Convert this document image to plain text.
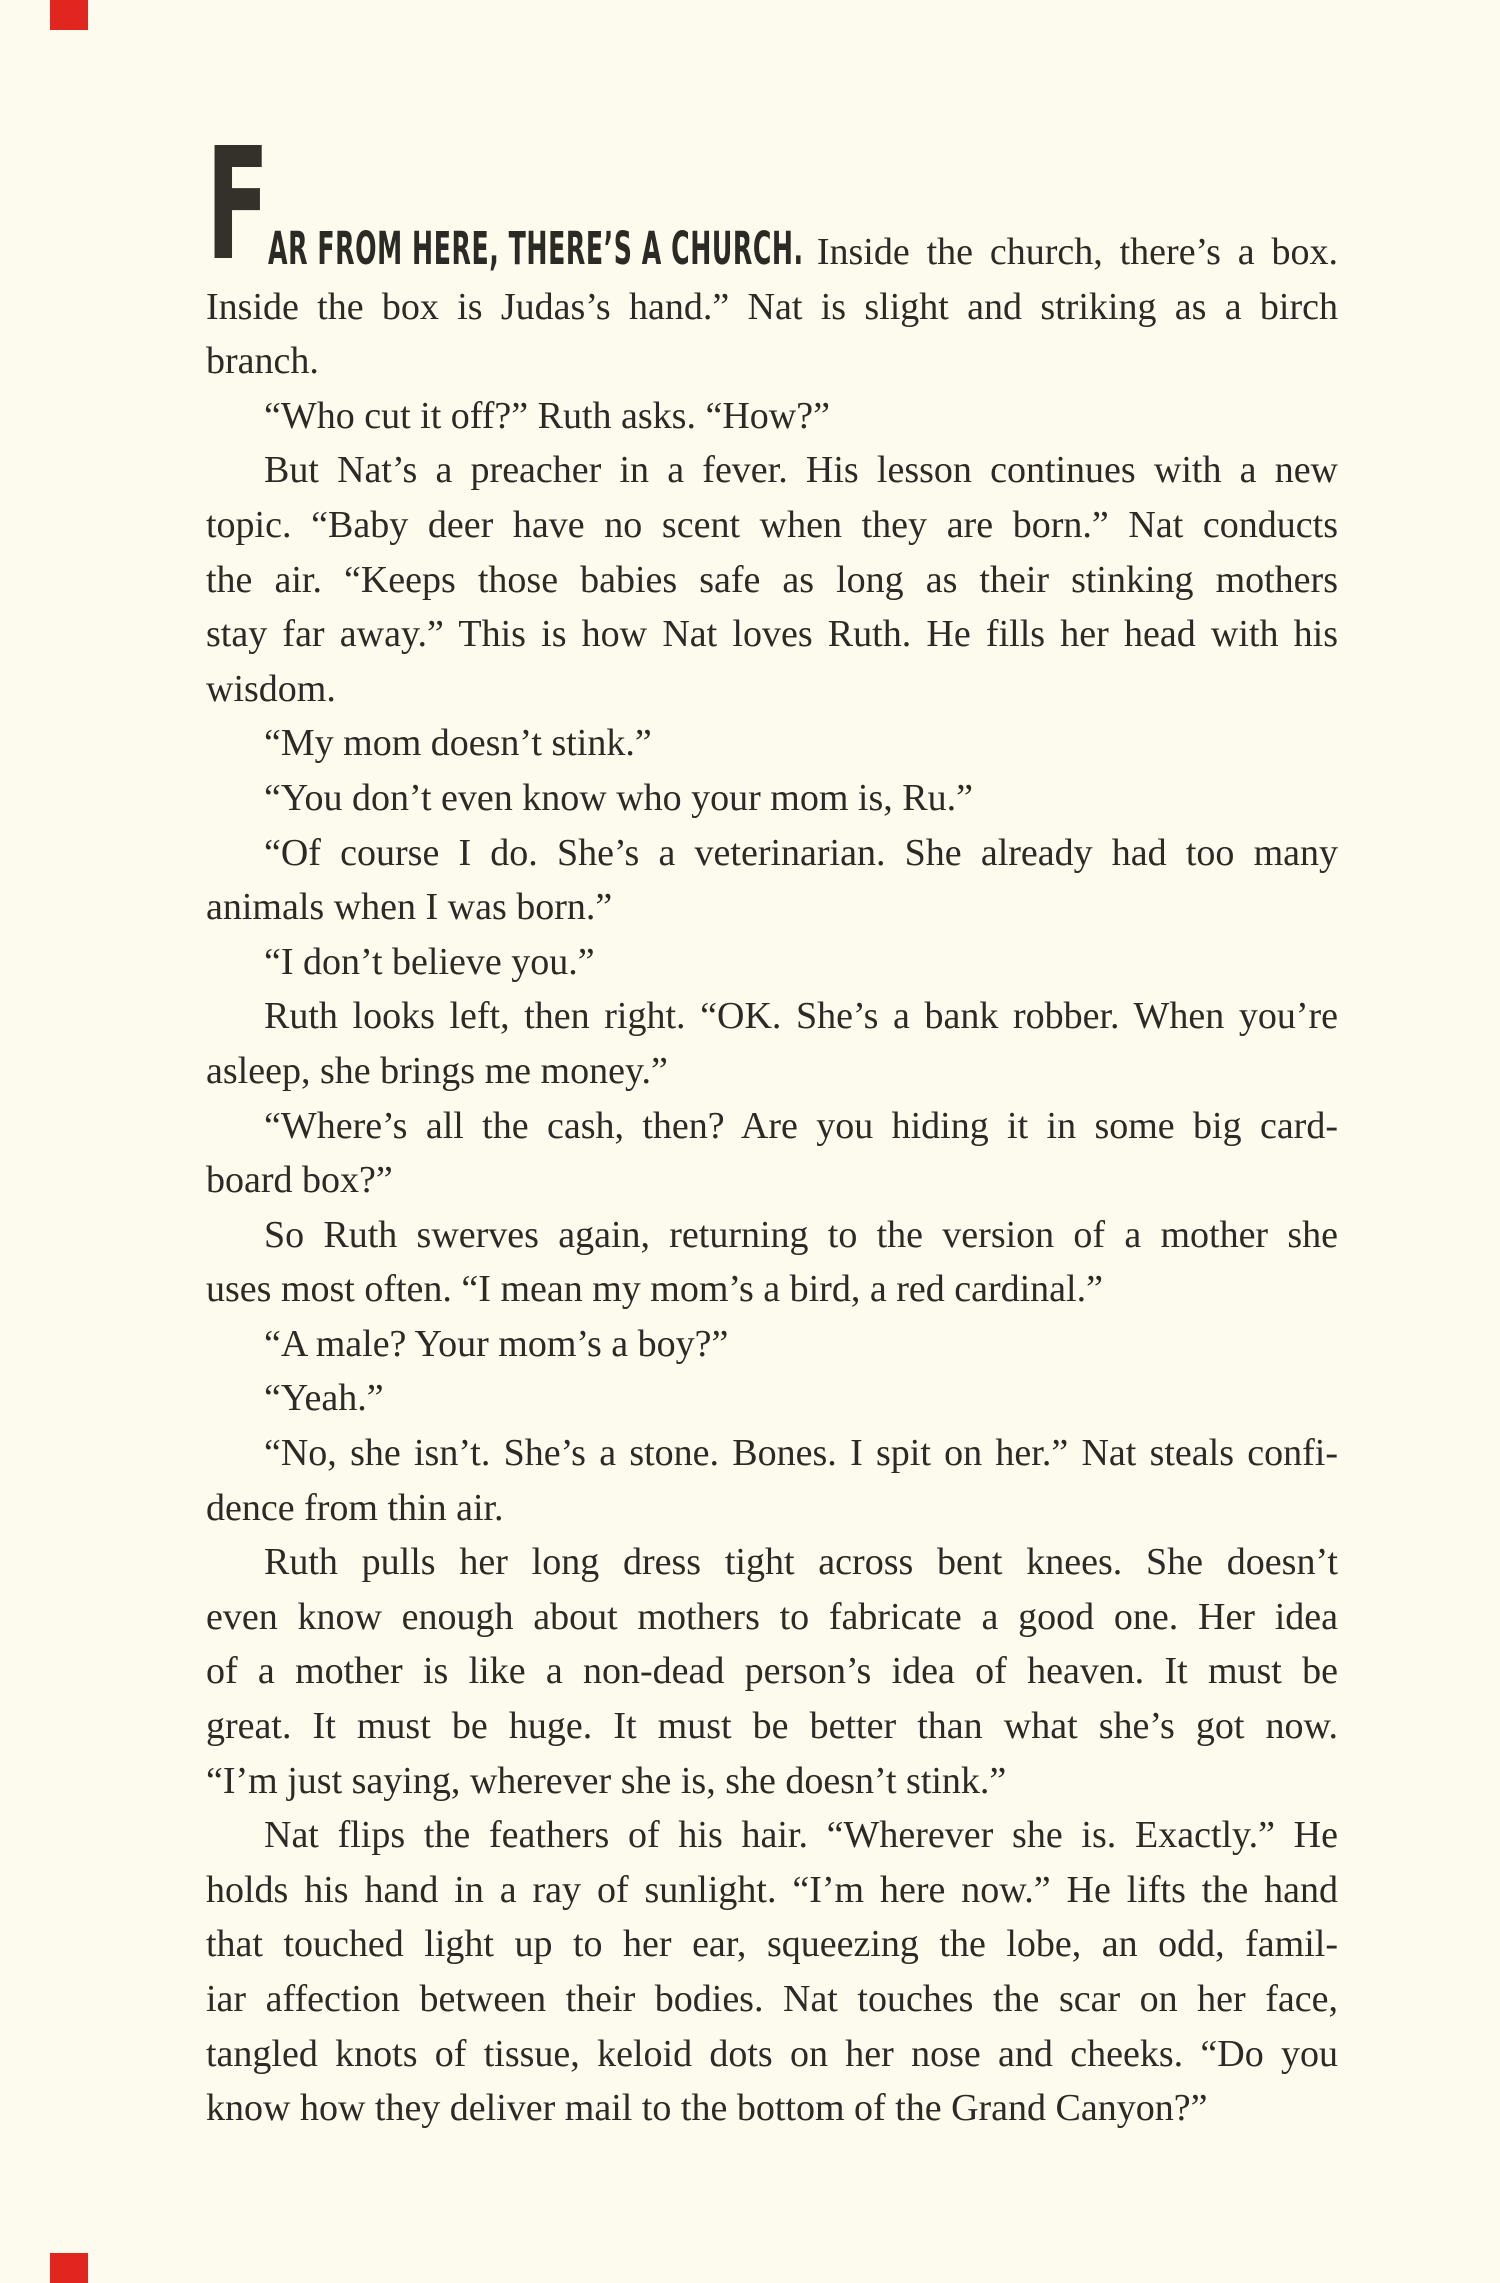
F
AR FROM HERE, THERE’S A CHURCH. Inside the church, there’s a box.
Inside the box is Judas’s hand.” Nat is slight and striking as a birch
branch.
“Who cut it off?” Ruth asks. “How?”
But Nat’s a preacher in a fever. His lesson continues with a new
topic. “Baby deer have no scent when they are born.” Nat conducts
the air. “Keeps those babies safe as long as their stinking mothers
stay far away.” This is how Nat loves Ruth. He fills her head with his
wisdom.
“My mom doesn’t stink.”
“You don’t even know who your mom is, Ru.”
“Of course I do. She’s a veterinarian. She already had too many
animals when I was born.”
“I don’t believe you.”
Ruth looks left, then right. “OK. She’s a bank robber. When you’re
asleep, she brings me money.”
“Where’s all the cash, then? Are you hiding it in some big card-
board box?”
So Ruth swerves again, returning to the version of a mother she
uses most often. “I mean my mom’s a bird, a red cardinal.”
“A male? Your mom’s a boy?”
“Yeah.”
“No, she isn’t. She’s a stone. Bones. I spit on her.” Nat steals confi-
dence from thin air.
Ruth pulls her long dress tight across bent knees. She doesn’t
even know enough about mothers to fabricate a good one. Her idea
of a mother is like a non-dead person’s idea of heaven. It must be
great. It must be huge. It must be better than what she’s got now.
“I’m just saying, wherever she is, she doesn’t stink.”
Nat flips the feathers of his hair. “Wherever she is. Exactly.” He
holds his hand in a ray of sunlight. “I’m here now.” He lifts the hand
that touched light up to her ear, squeezing the lobe, an odd, famil-
iar affection between their bodies. Nat touches the scar on her face,
tangled knots of tissue, keloid dots on her nose and cheeks. “Do you
know how they deliver mail to the bottom of the Grand Canyon?”
